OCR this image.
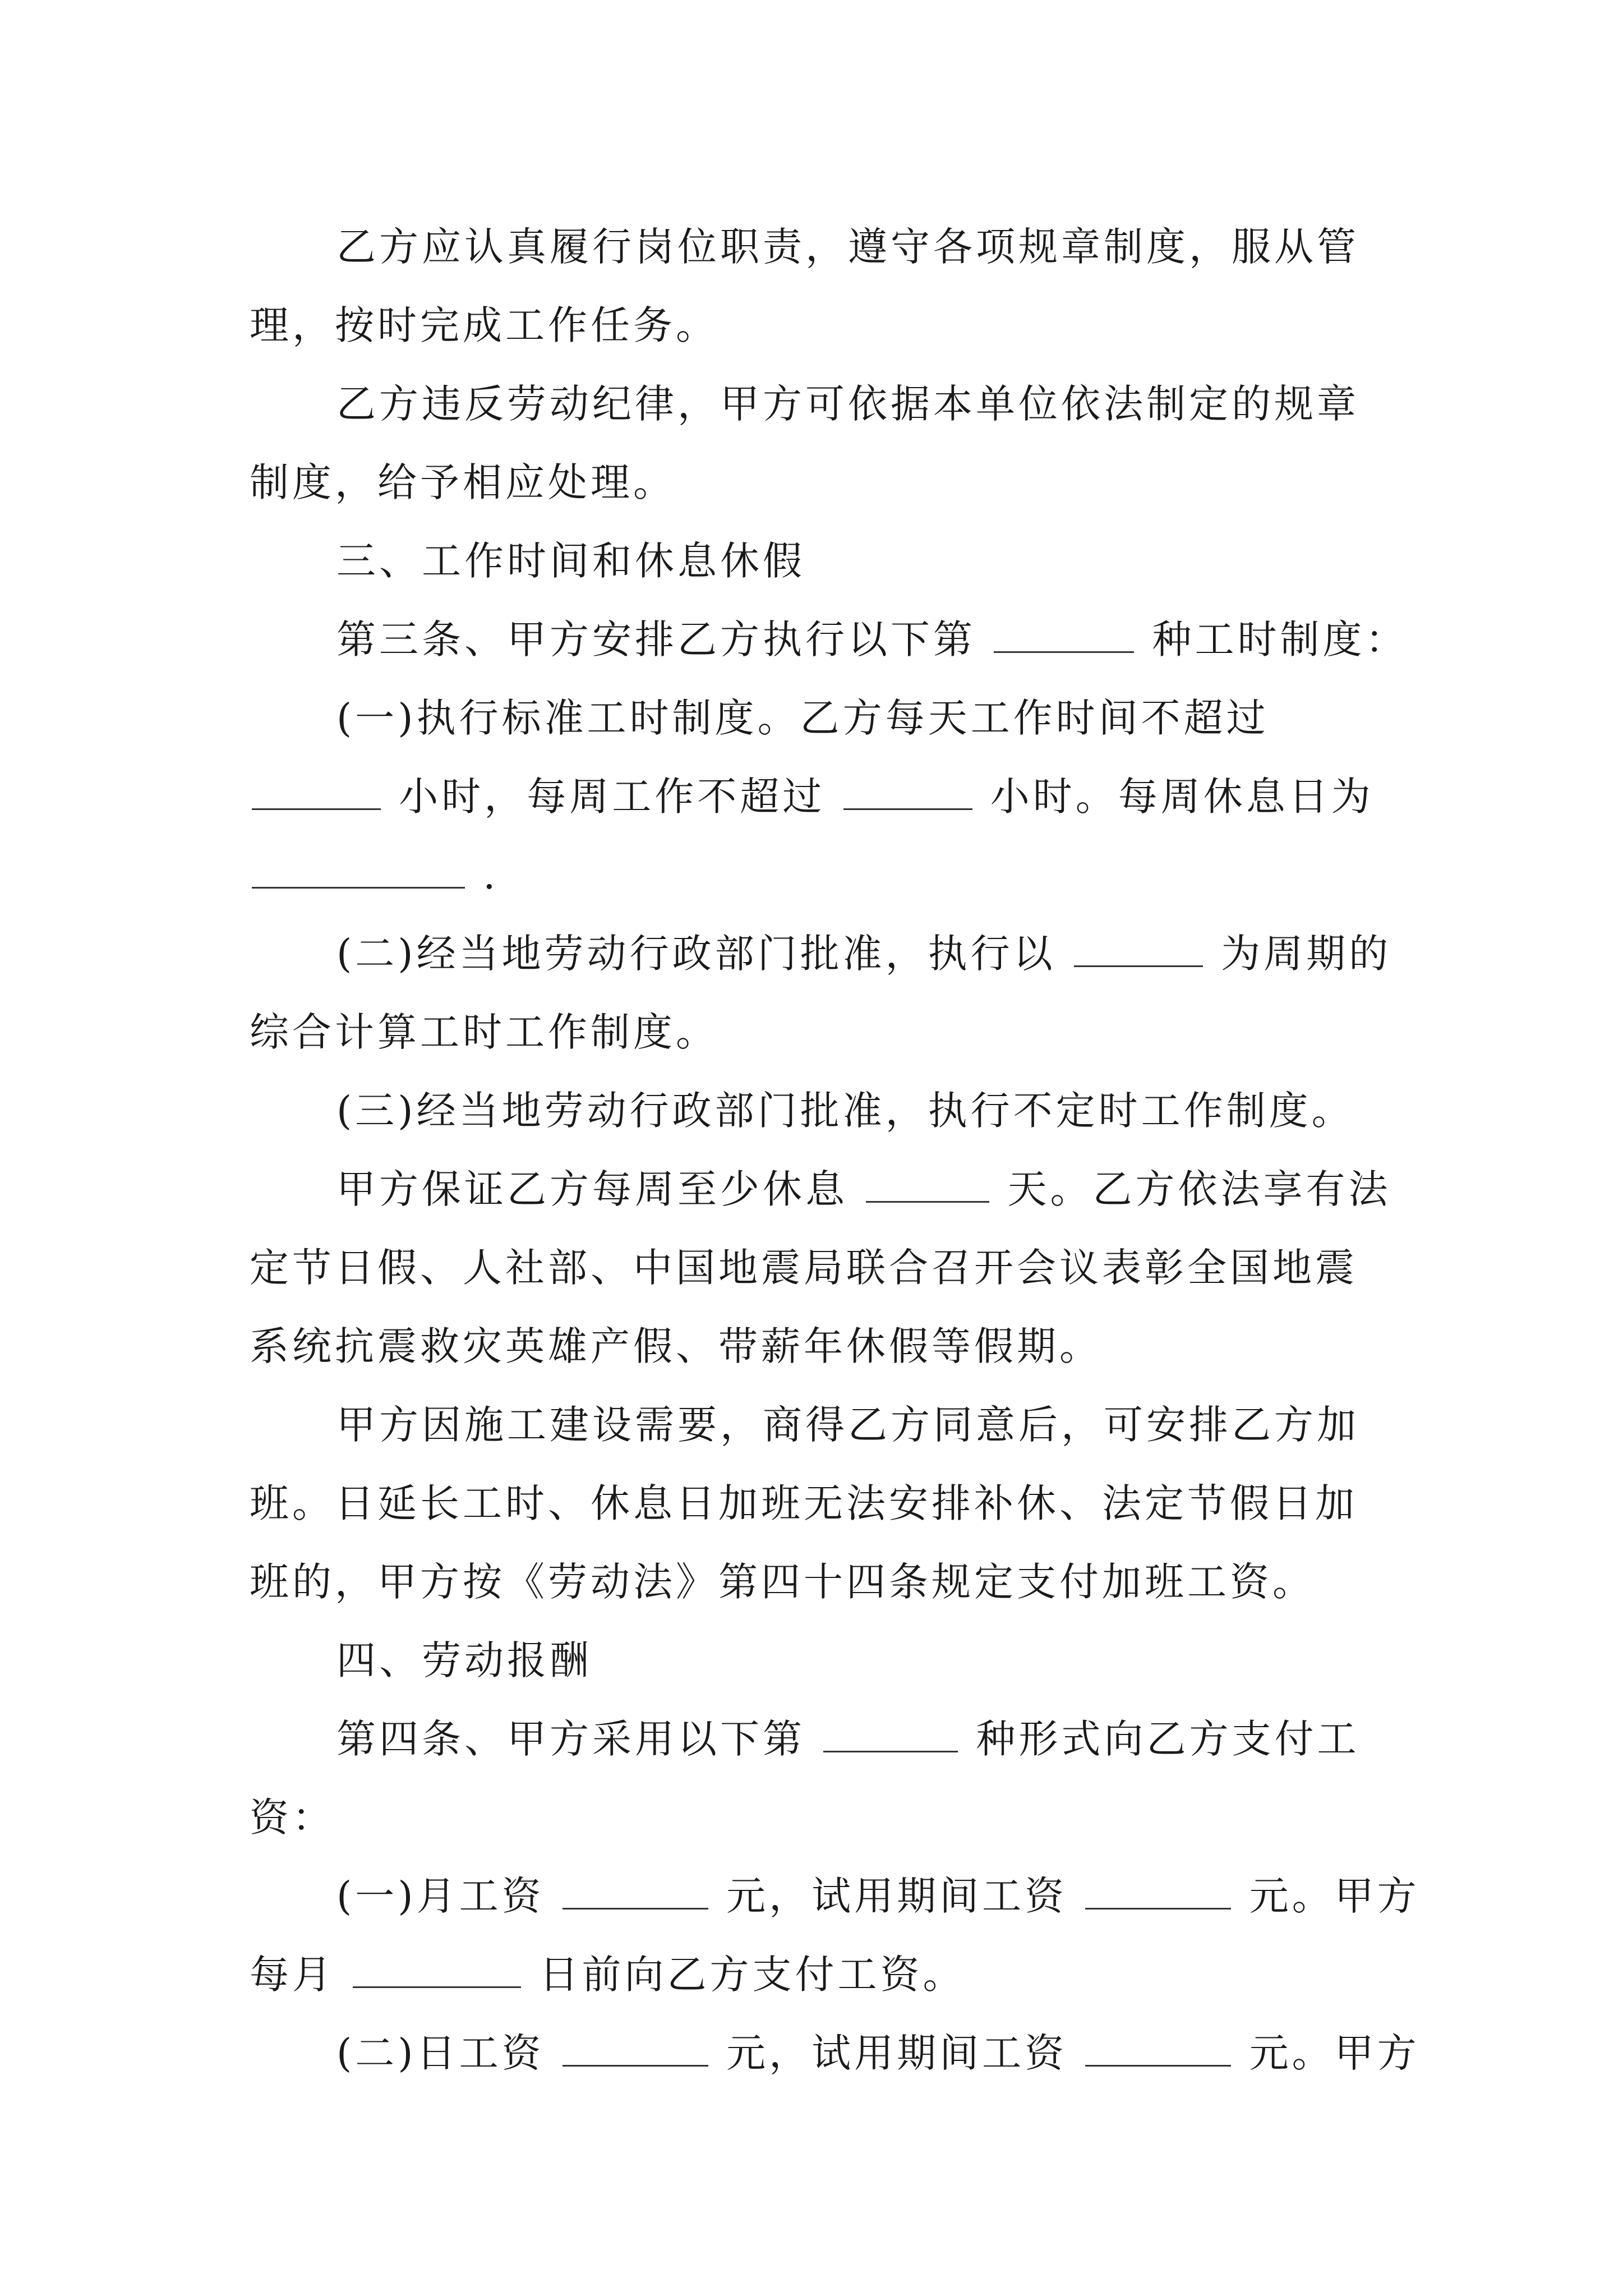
乙方应认真履行岗位职责，遵守各项规章制度，服从管
理，按时完成工作任务。
乙方违反劳动纪律，甲方可依据本单位依法制定的规章
制度，给予相应处理。
三、工作时间和休息休假
第三条、甲方安排乙方执行以下第	种工时制度：
(一)执行标准工时制度。乙方每天工作时间不超过
小时，每周工作不超过	小时。每周休息日为
.
(二)经当地劳动行政部门批准，执行以	为周期的
综合计算工时工作制度。
(三)经当地劳动行政部门批准，执行不定时工作制度。
甲方保证乙方每周至少休息	天。乙方依法享有法
定节日假、人社部、中国地震局联合召开会议表彰全国地震
系统抗震救灾英雄产假、带薪年休假等假期。
甲方因施工建设需要，商得乙方同意后，可安排乙方加
班。日延长工时、休息日加班无法安排补休、法定节假日加
班的，甲方按《劳动法》第四十四条规定支付加班工资。
四、劳动报酬
第四条、甲方采用以下第	种形式向乙方支付工
资：
(一)月工资	元，试用期间工资	元。甲方
每月	日前向乙方支付工资。
(二)日工资	元，试用期间工资	元。甲方
